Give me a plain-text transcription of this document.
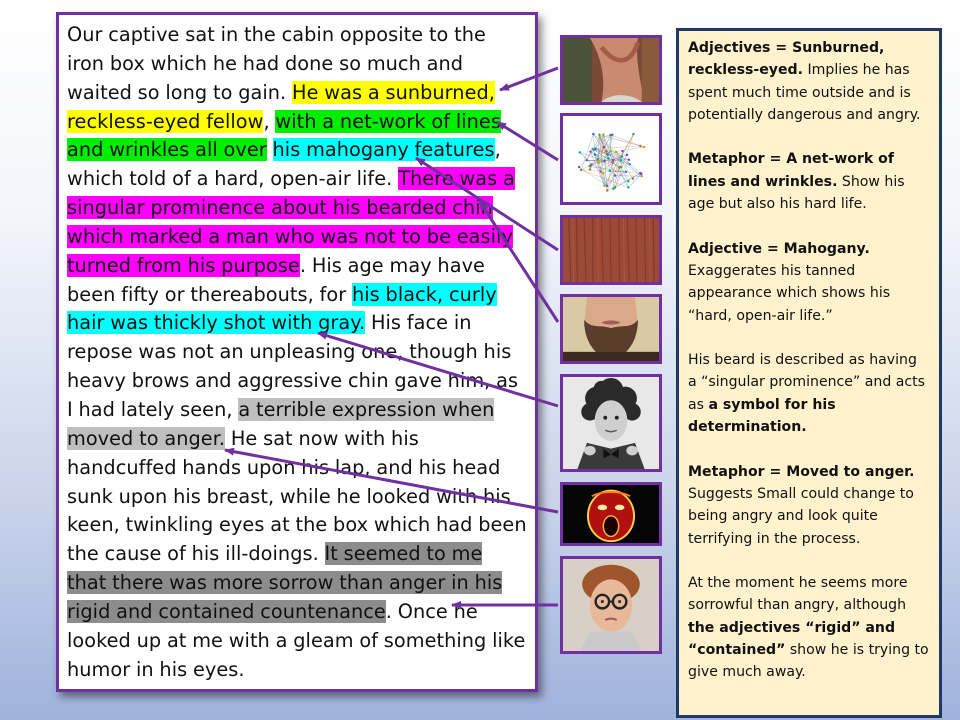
Our captive sat in the cabin opposite to the iron box which he had done so much and waited so long to gain. He was a sunburned, reckless-eyed fellow, with a net-work of lines and wrinkles all over his mahogany features, which told of a hard, open-air life. There was a singular prominence about his bearded chin which marked a man who was not to be easily turned from his purpose. His age may have been fifty or thereabouts, for his black, curly hair was thickly shot with gray. His face in repose was not an unpleasing one, though his heavy brows and aggressive chin gave him, as I had lately seen, a terrible expression when moved to anger. He sat now with his handcuffed hands upon his lap, and his head sunk upon his breast, while he looked with his keen, twinkling eyes at the box which had been the cause of his ill-doings. It seemed to me that there was more sorrow than anger in his rigid and contained countenance. Once he looked up at me with a gleam of something like humor in his eyes.

Adjectives = Sunburned, reckless-eyed. Implies he has spent much time outside and is potentially dangerous and angry.

Metaphor = A net-work of lines and wrinkles. Show his age but also his hard life.

Adjective = Mahogany. Exaggerates his tanned appearance which shows his “hard, open-air life.”

His beard is described as having a “singular prominence” and acts as a symbol for his determination.

Metaphor = Moved to anger. Suggests Small could change to being angry and look quite terrifying in the process.

At the moment he seems more sorrowful than angry, although the adjectives “rigid” and “contained” show he is trying to give much away.
